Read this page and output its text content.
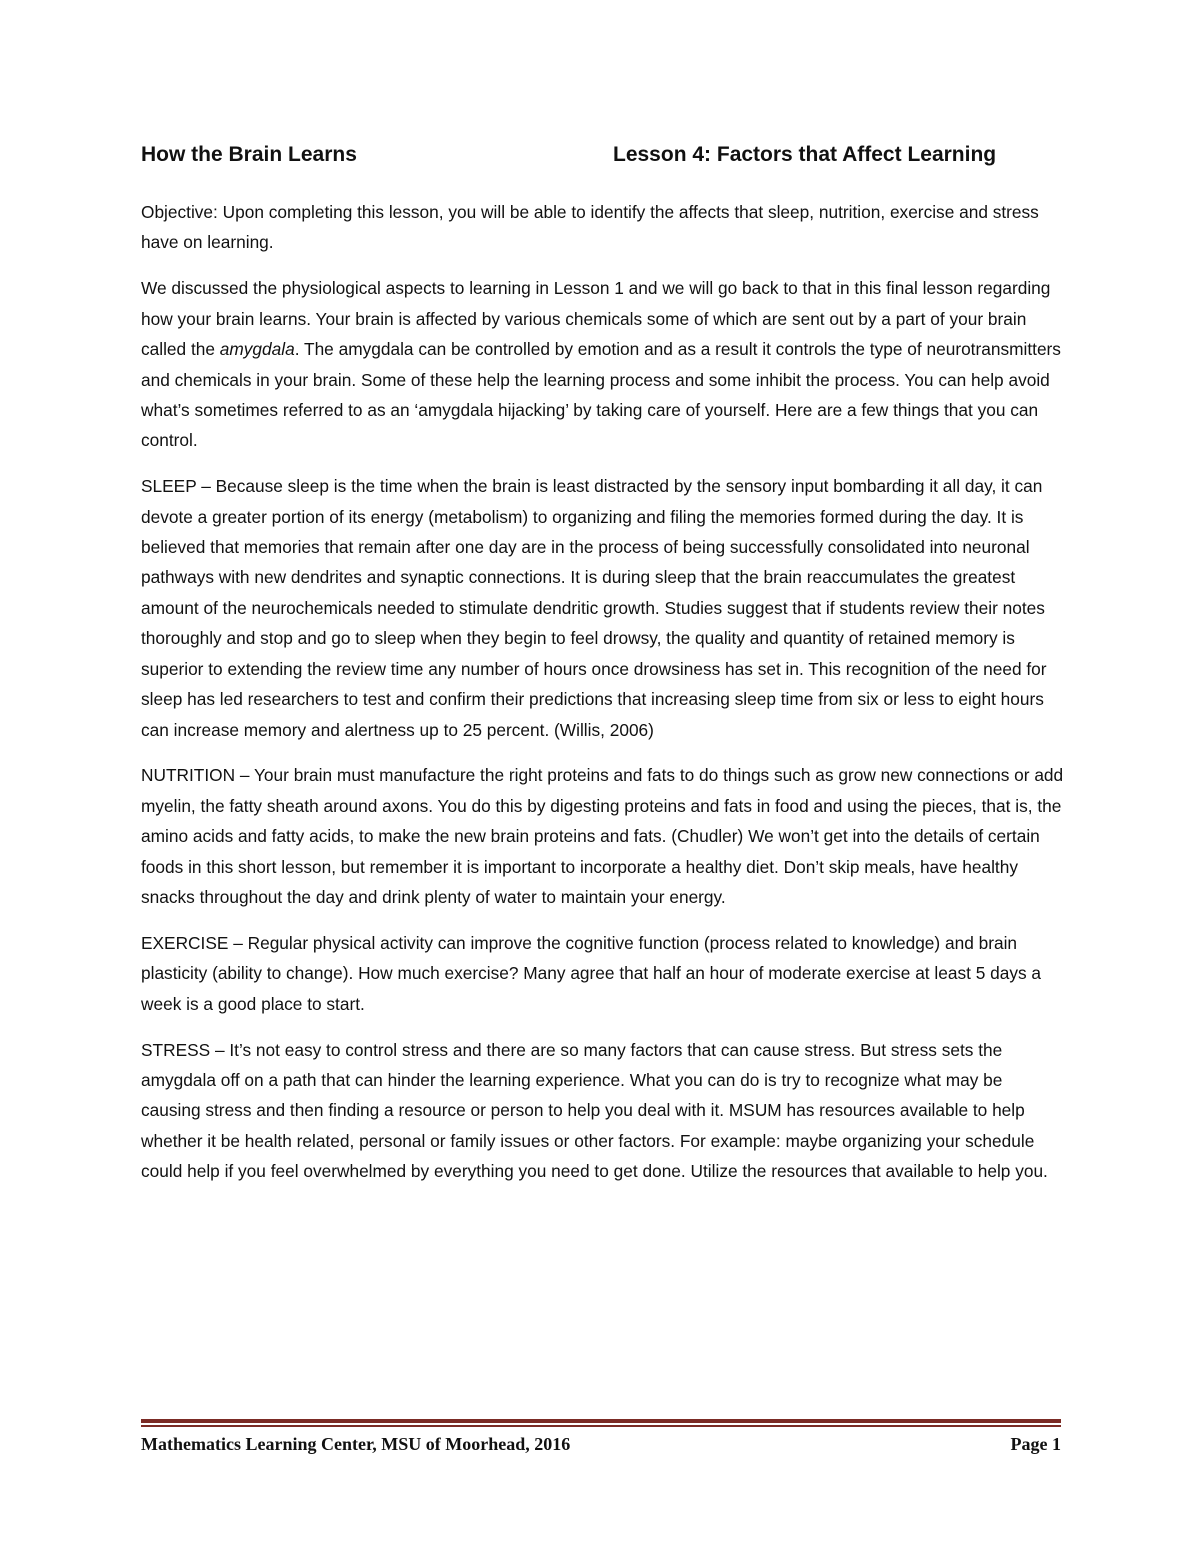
How the Brain Learns	Lesson 4: Factors that Affect Learning

Objective: Upon completing this lesson, you will be able to identify the affects that sleep, nutrition, exercise and stress have on learning.

We discussed the physiological aspects to learning in Lesson 1 and we will go back to that in this final lesson regarding how your brain learns. Your brain is affected by various chemicals some of which are sent out by a part of your brain called the amygdala. The amygdala can be controlled by emotion and as a result it controls the type of neurotransmitters and chemicals in your brain. Some of these help the learning process and some inhibit the process. You can help avoid what’s sometimes referred to as an ‘amygdala hijacking’ by taking care of yourself. Here are a few things that you can control.

SLEEP – Because sleep is the time when the brain is least distracted by the sensory input bombarding it all day, it can devote a greater portion of its energy (metabolism) to organizing and filing the memories formed during the day. It is believed that memories that remain after one day are in the process of being successfully consolidated into neuronal pathways with new dendrites and synaptic connections. It is during sleep that the brain reaccumulates the greatest amount of the neurochemicals needed to stimulate dendritic growth. Studies suggest that if students review their notes thoroughly and stop and go to sleep when they begin to feel drowsy, the quality and quantity of retained memory is superior to extending the review time any number of hours once drowsiness has set in. This recognition of the need for sleep has led researchers to test and confirm their predictions that increasing sleep time from six or less to eight hours can increase memory and alertness up to 25 percent. (Willis, 2006)

NUTRITION – Your brain must manufacture the right proteins and fats to do things such as grow new connections or add myelin, the fatty sheath around axons. You do this by digesting proteins and fats in food and using the pieces, that is, the amino acids and fatty acids, to make the new brain proteins and fats. (Chudler) We won’t get into the details of certain foods in this short lesson, but remember it is important to incorporate a healthy diet. Don’t skip meals, have healthy snacks throughout the day and drink plenty of water to maintain your energy.

EXERCISE – Regular physical activity can improve the cognitive function (process related to knowledge) and brain plasticity (ability to change). How much exercise? Many agree that half an hour of moderate exercise at least 5 days a week is a good place to start.

STRESS – It’s not easy to control stress and there are so many factors that can cause stress. But stress sets the amygdala off on a path that can hinder the learning experience. What you can do is try to recognize what may be causing stress and then finding a resource or person to help you deal with it. MSUM has resources available to help whether it be health related, personal or family issues or other factors. For example: maybe organizing your schedule could help if you feel overwhelmed by everything you need to get done. Utilize the resources that available to help you.

Mathematics Learning Center, MSU of Moorhead, 2016	Page 1
